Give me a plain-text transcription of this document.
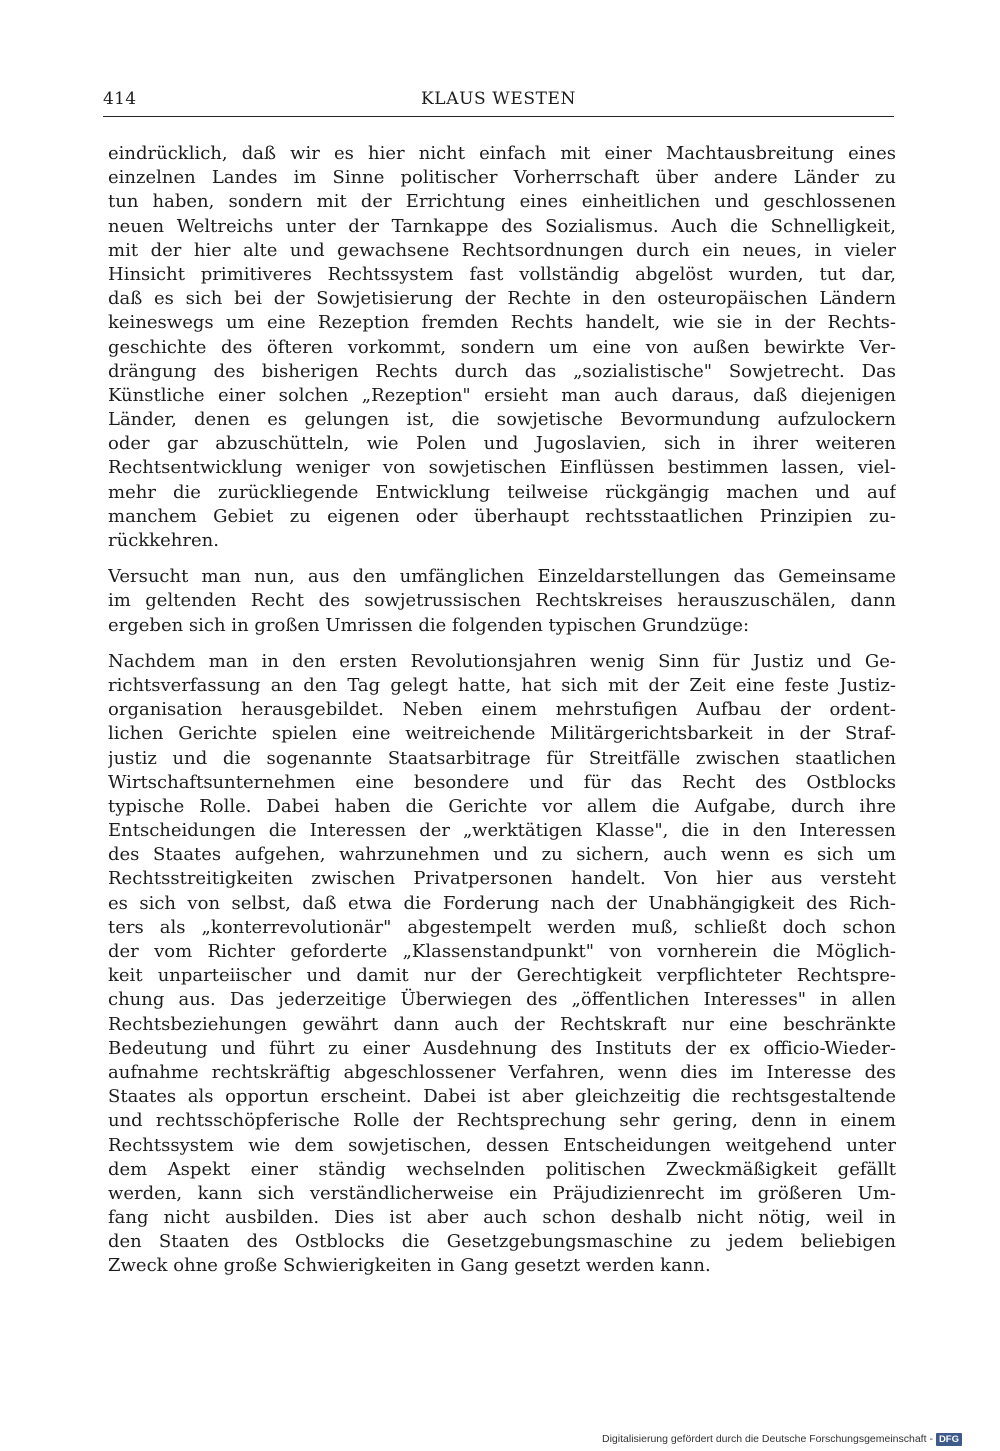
414	KLAUS WESTEN
eindrücklich, daß wir es hier nicht einfach mit einer Machtausbreitung eines
einzelnen Landes im Sinne politischer Vorherrschaft über andere Länder zu
tun haben, sondern mit der Errichtung eines einheitlichen und geschlossenen
neuen Weltreichs unter der Tarnkappe des Sozialismus. Auch die Schnelligkeit,
mit der hier alte und gewachsene Rechtsordnungen durch ein neues, in vieler
Hinsicht primitiveres Rechtssystem fast vollständig abgelöst wurden, tut dar,
daß es sich bei der Sowjetisierung der Rechte in den osteuropäischen Ländern
keineswegs um eine Rezeption fremden Rechts handelt, wie sie in der Rechts-
geschichte des öfteren vorkommt, sondern um eine von außen bewirkte Ver-
drängung des bisherigen Rechts durch das „sozialistische" Sowjetrecht. Das
Künstliche einer solchen „Rezeption" ersieht man auch daraus, daß diejenigen
Länder, denen es gelungen ist, die sowjetische Bevormundung aufzulockern
oder gar abzuschütteln, wie Polen und Jugoslavien, sich in ihrer weiteren
Rechtsentwicklung weniger von sowjetischen Einflüssen bestimmen lassen, viel-
mehr die zurückliegende Entwicklung teilweise rückgängig machen und auf
manchem Gebiet zu eigenen oder überhaupt rechtsstaatlichen Prinzipien zu-
rückkehren.
Versucht man nun, aus den umfänglichen Einzeldarstellungen das Gemeinsame
im geltenden Recht des sowjetrussischen Rechtskreises herauszuschälen, dann
ergeben sich in großen Umrissen die folgenden typischen Grundzüge:
Nachdem man in den ersten Revolutionsjahren wenig Sinn für Justiz und Ge-
richtsverfassung an den Tag gelegt hatte, hat sich mit der Zeit eine feste Justiz-
organisation herausgebildet. Neben einem mehrstufigen Aufbau der ordent-
lichen Gerichte spielen eine weitreichende Militärgerichtsbarkeit in der Straf-
justiz und die sogenannte Staatsarbitrage für Streitfälle zwischen staatlichen
Wirtschaftsunternehmen eine besondere und für das Recht des Ostblocks
typische Rolle. Dabei haben die Gerichte vor allem die Aufgabe, durch ihre
Entscheidungen die Interessen der „werktätigen Klasse", die in den Interessen
des Staates aufgehen, wahrzunehmen und zu sichern, auch wenn es sich um
Rechtsstreitigkeiten zwischen Privatpersonen handelt. Von hier aus versteht
es sich von selbst, daß etwa die Forderung nach der Unabhängigkeit des Rich-
ters als „konterrevolutionär" abgestempelt werden muß, schließt doch schon
der vom Richter geforderte „Klassenstandpunkt" von vornherein die Möglich-
keit unparteiischer und damit nur der Gerechtigkeit verpflichteter Rechtspre-
chung aus. Das jederzeitige Überwiegen des „öffentlichen Interesses" in allen
Rechtsbeziehungen gewährt dann auch der Rechtskraft nur eine beschränkte
Bedeutung und führt zu einer Ausdehnung des Instituts der ex officio-Wieder-
aufnahme rechtskräftig abgeschlossener Verfahren, wenn dies im Interesse des
Staates als opportun erscheint. Dabei ist aber gleichzeitig die rechtsgestaltende
und rechtsschöpferische Rolle der Rechtsprechung sehr gering, denn in einem
Rechtssystem wie dem sowjetischen, dessen Entscheidungen weitgehend unter
dem Aspekt einer ständig wechselnden politischen Zweckmäßigkeit gefällt
werden, kann sich verständlicherweise ein Präjudizienrecht im größeren Um-
fang nicht ausbilden. Dies ist aber auch schon deshalb nicht nötig, weil in
den Staaten des Ostblocks die Gesetzgebungsmaschine zu jedem beliebigen
Zweck ohne große Schwierigkeiten in Gang gesetzt werden kann.
Digitalisierung gefördert durch die Deutsche Forschungsgemeinschaft - DFG
